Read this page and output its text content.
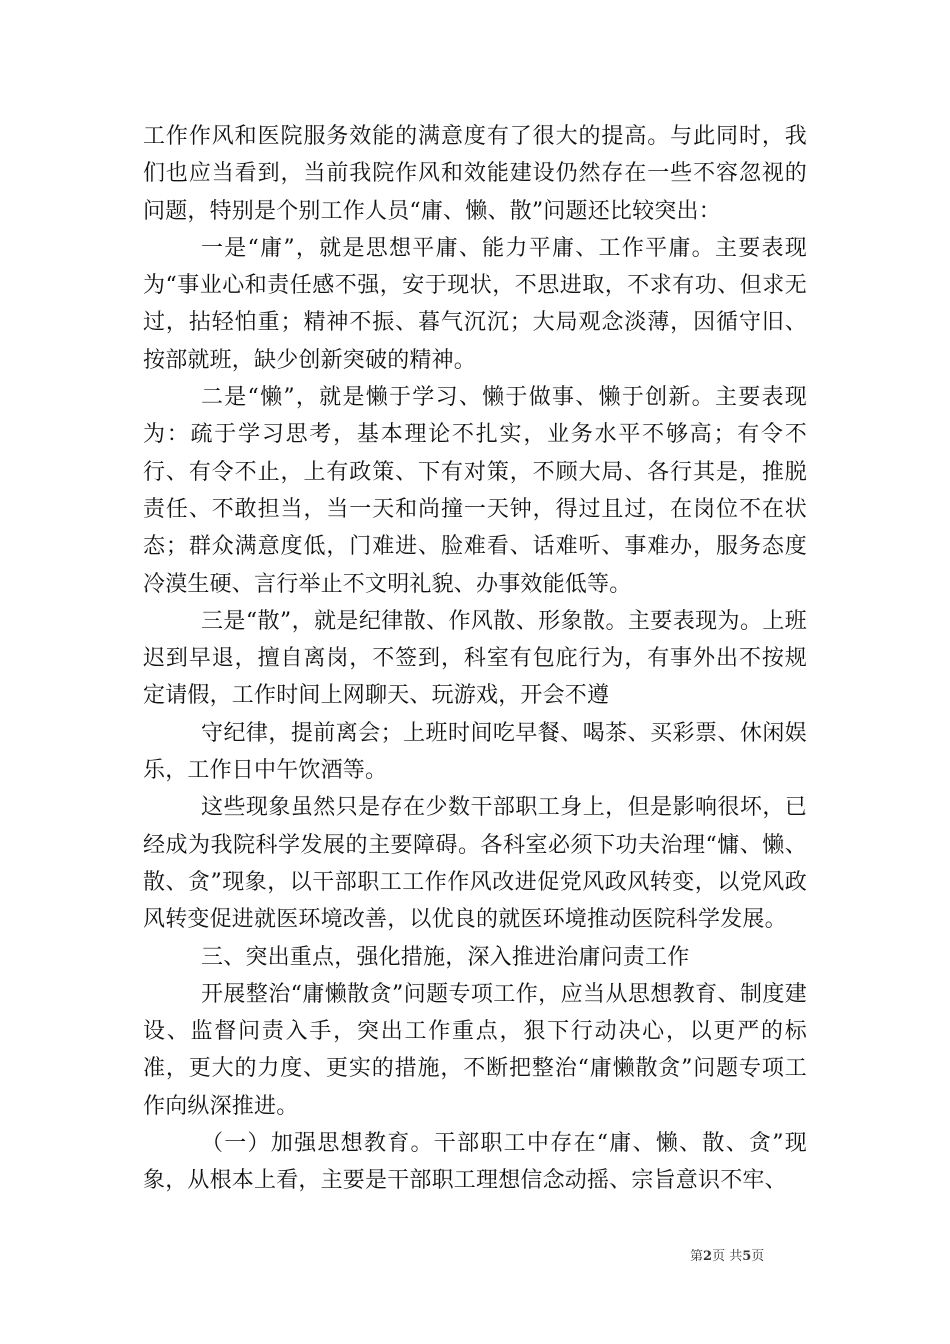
工作作风和医院服务效能的满意度有了很大的提高。与此同时，我们也应当看到，当前我院作风和效能建设仍然存在一些不容忽视的问题，特别是个别工作人员“庸、懒、散”问题还比较突出：

一是“庸”，就是思想平庸、能力平庸、工作平庸。主要表现为“事业心和责任感不强，安于现状，不思进取，不求有功、但求无过，拈轻怕重；精神不振、暮气沉沉；大局观念淡薄，因循守旧、按部就班，缺少创新突破的精神。

二是“懒”，就是懒于学习、懒于做事、懒于创新。主要表现为：疏于学习思考，基本理论不扎实，业务水平不够高；有令不行、有令不止，上有政策、下有对策，不顾大局、各行其是，推脱责任、不敢担当，当一天和尚撞一天钟，得过且过，在岗位不在状态；群众满意度低，门难进、脸难看、话难听、事难办，服务态度冷漠生硬、言行举止不文明礼貌、办事效能低等。

三是“散”，就是纪律散、作风散、形象散。主要表现为。上班迟到早退，擅自离岗，不签到，科室有包庇行为，有事外出不按规定请假，工作时间上网聊天、玩游戏，开会不遵

守纪律，提前离会；上班时间吃早餐、喝茶、买彩票、休闲娱乐，工作日中午饮酒等。

这些现象虽然只是存在少数干部职工身上，但是影响很坏，已经成为我院科学发展的主要障碍。各科室必须下功夫治理“慵、懒、散、贪”现象，以干部职工工作作风改进促党风政风转变，以党风政风转变促进就医环境改善，以优良的就医环境推动医院科学发展。

三、突出重点，强化措施，深入推进治庸问责工作

开展整治“庸懒散贪”问题专项工作，应当从思想教育、制度建设、监督问责入手，突出工作重点，狠下行动决心，以更严的标准，更大的力度、更实的措施，不断把整治“庸懒散贪”问题专项工作向纵深推进。

（一）加强思想教育。干部职工中存在“庸、懒、散、贪”现象，从根本上看，主要是干部职工理想信念动摇、宗旨意识不牢、

第2页 共5页
